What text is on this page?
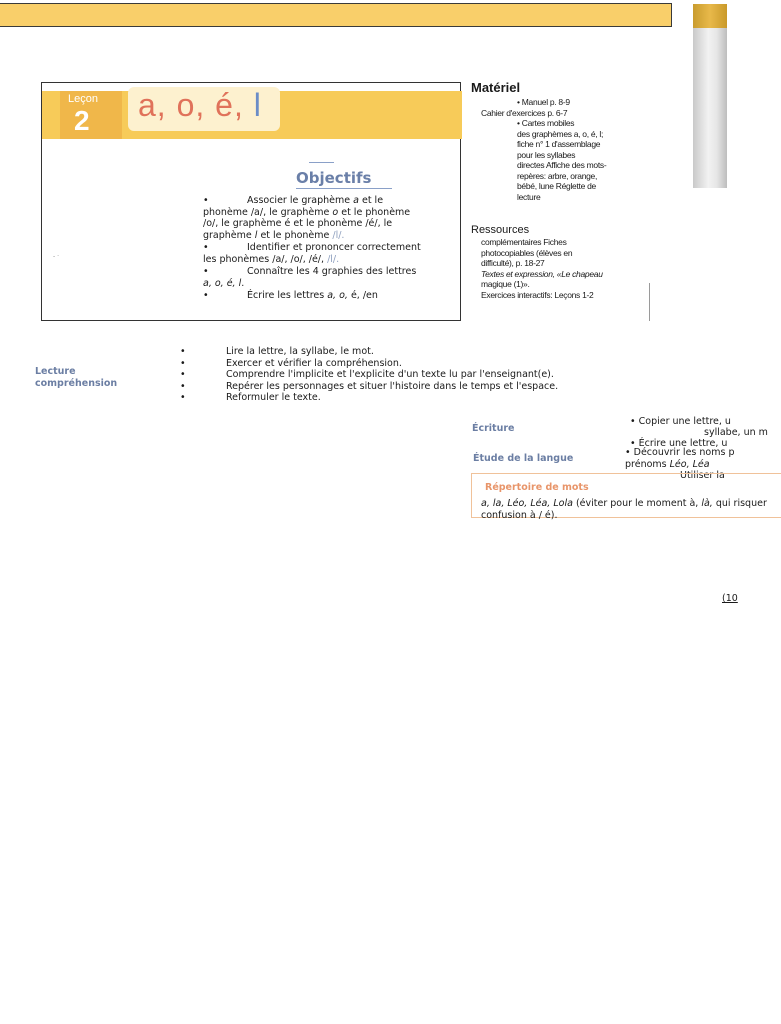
Leçon
2 a, o, é, l
Objectifs
•	Associer le graphème a et le phonème /a/, le graphème o et le phonème /o/, le graphème é et le phonème /é/, le graphème l et le phonème /l/.
•	Identifier et prononcer correctement les phonèmes /a/, /o/, /é/, /l/.
•	Connaître les 4 graphies des lettres a, o, é, l.
•	Écrire les lettres a, o, é, /en
- ·
Matériel
• Manuel p. 8-9
Cahier d'exercices p. 6-7
• Cartes mobiles
des graphèmes a, o, é, l;
fiche n° 1 d'assemblage
pour les syllabes
directes Affiche des mots-
repères: arbre, orange,
bébé, lune Réglette de
lecture
Ressources
complémentaires Fiches
photocopiables (élèves en
difficulté), p. 18-27
Textes et expression, «Le chapeau
magique (1)».
Exercices interactifs: Leçons 1-2
Lecture
compréhension
•	Lire la lettre, la syllabe, le mot.
•	Exercer et vérifier la compréhension.
•	Comprendre l'implicite et l'explicite d'un texte lu par l'enseignant(e).
•	Repérer les personnages et situer l'histoire dans le temps et l'espace.
•	Reformuler le texte.
Écriture
• Copier une lettre, u
syllabe, un m
• Écrire une lettre, u
Étude de la langue
• Découvrir les noms p
prénoms Léo, Léa
Utiliser la
Répertoire de mots
a, la, Léo, Léa, Lola (éviter pour le moment à, là, qui risquer confusion à / é).
(10
